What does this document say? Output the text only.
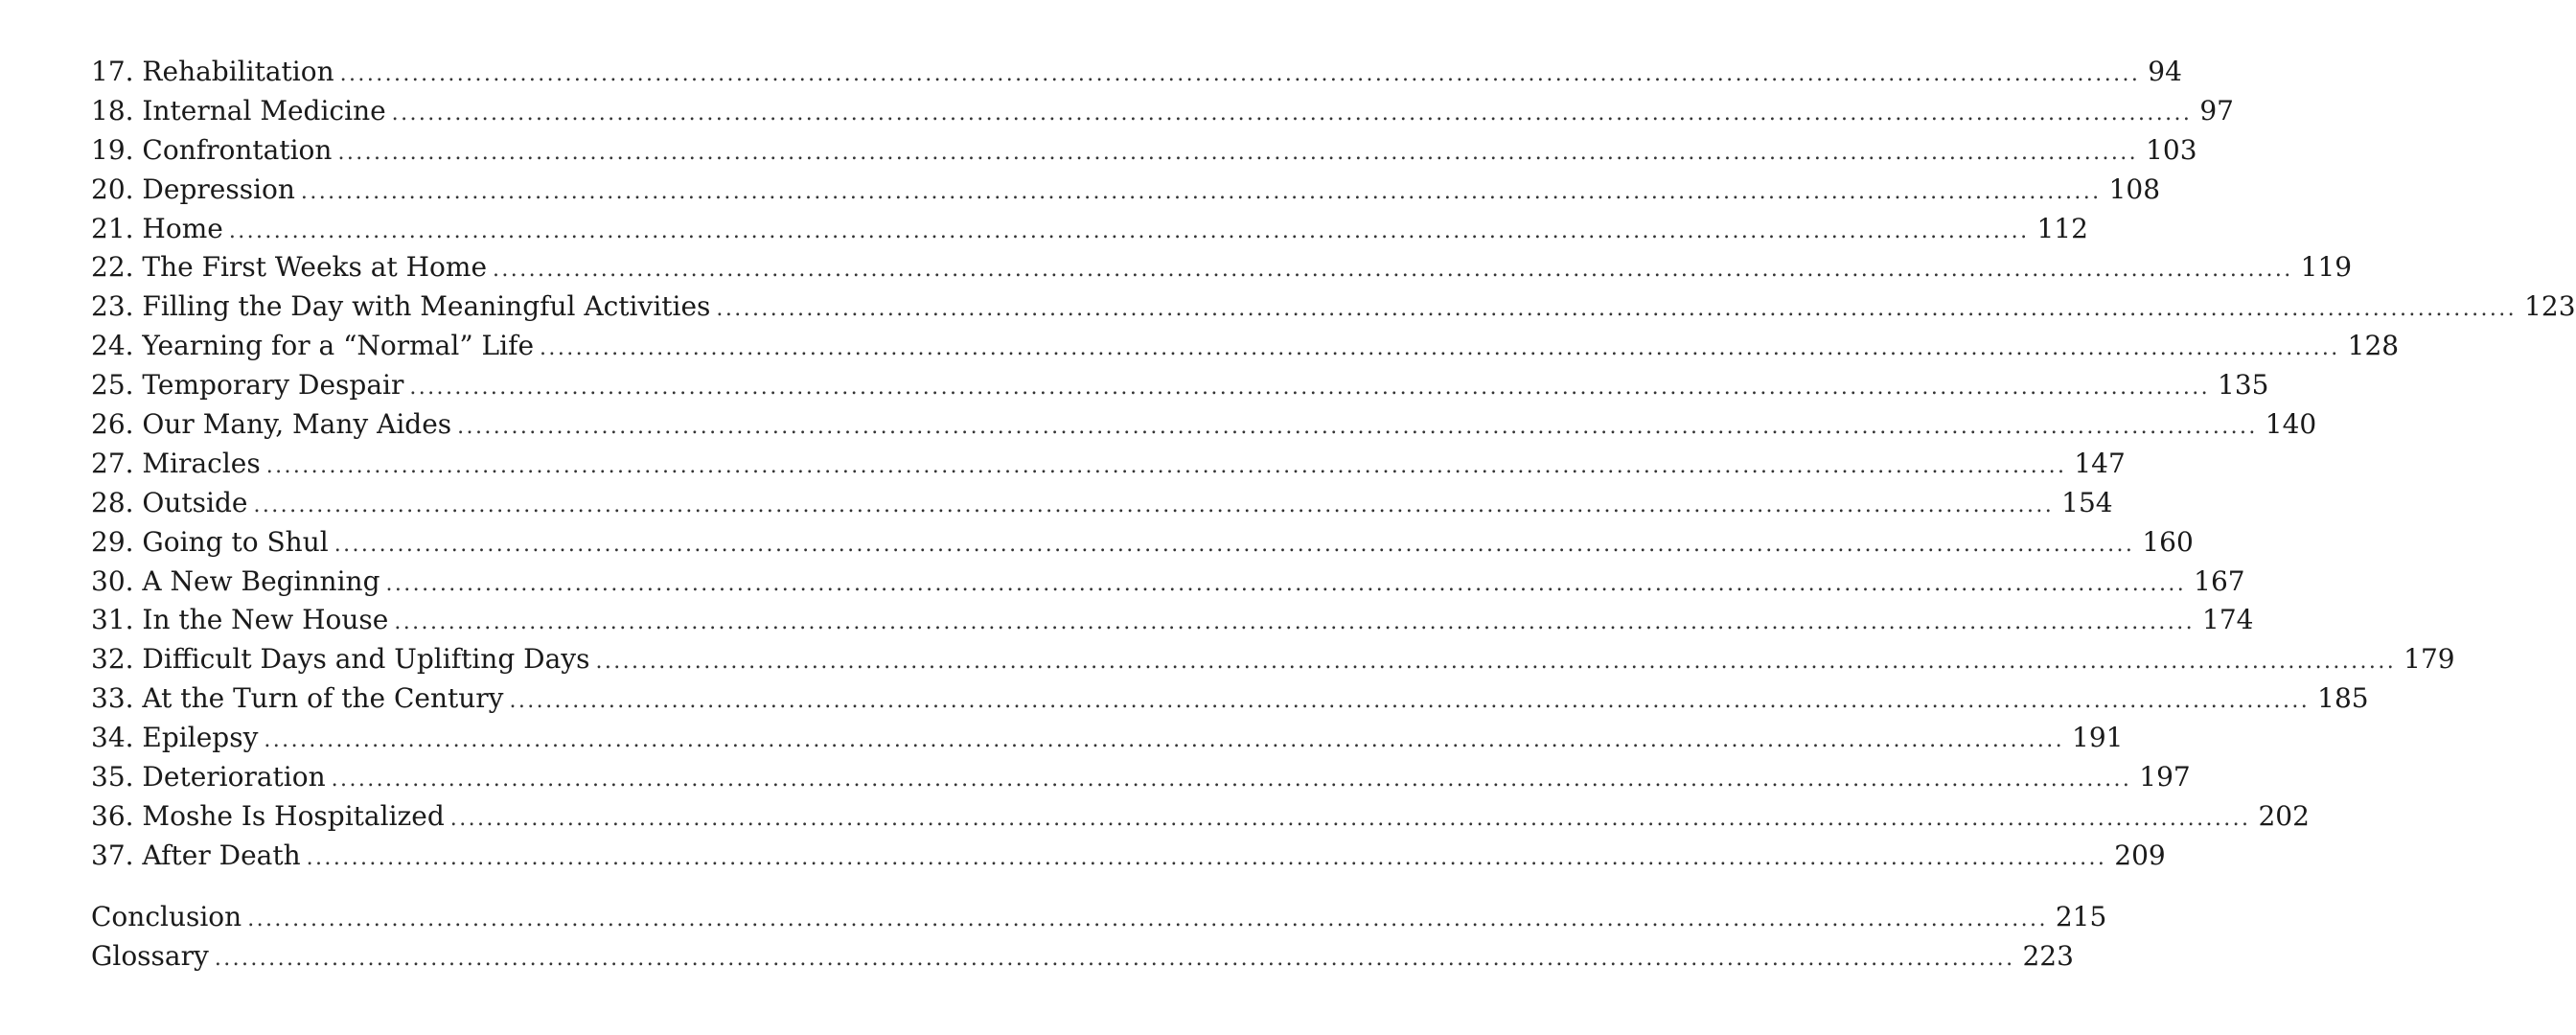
17. Rehabilitation ........................................................................................................................................................................................................ 94
18. Internal Medicine ........................................................................................................................................................................................................ 97
19. Confrontation ........................................................................................................................................................................................................ 103
20. Depression ........................................................................................................................................................................................................ 108
21. Home ........................................................................................................................................................................................................ 112
22. The First Weeks at Home ........................................................................................................................................................................................................ 119
23. Filling the Day with Meaningful Activities ........................................................................................................................................................................................................ 123
24. Yearning for a “Normal” Life ........................................................................................................................................................................................................ 128
25. Temporary Despair ........................................................................................................................................................................................................ 135
26. Our Many, Many Aides ........................................................................................................................................................................................................ 140
27. Miracles ........................................................................................................................................................................................................ 147
28. Outside ........................................................................................................................................................................................................ 154
29. Going to Shul ........................................................................................................................................................................................................ 160
30. A New Beginning ........................................................................................................................................................................................................ 167
31. In the New House ........................................................................................................................................................................................................ 174
32. Difficult Days and Uplifting Days ........................................................................................................................................................................................................ 179
33. At the Turn of the Century ........................................................................................................................................................................................................ 185
34. Epilepsy ........................................................................................................................................................................................................ 191
35. Deterioration ........................................................................................................................................................................................................ 197
36. Moshe Is Hospitalized ........................................................................................................................................................................................................ 202
37. After Death ........................................................................................................................................................................................................ 209
Conclusion ........................................................................................................................................................................................................ 215
Glossary ........................................................................................................................................................................................................ 223
